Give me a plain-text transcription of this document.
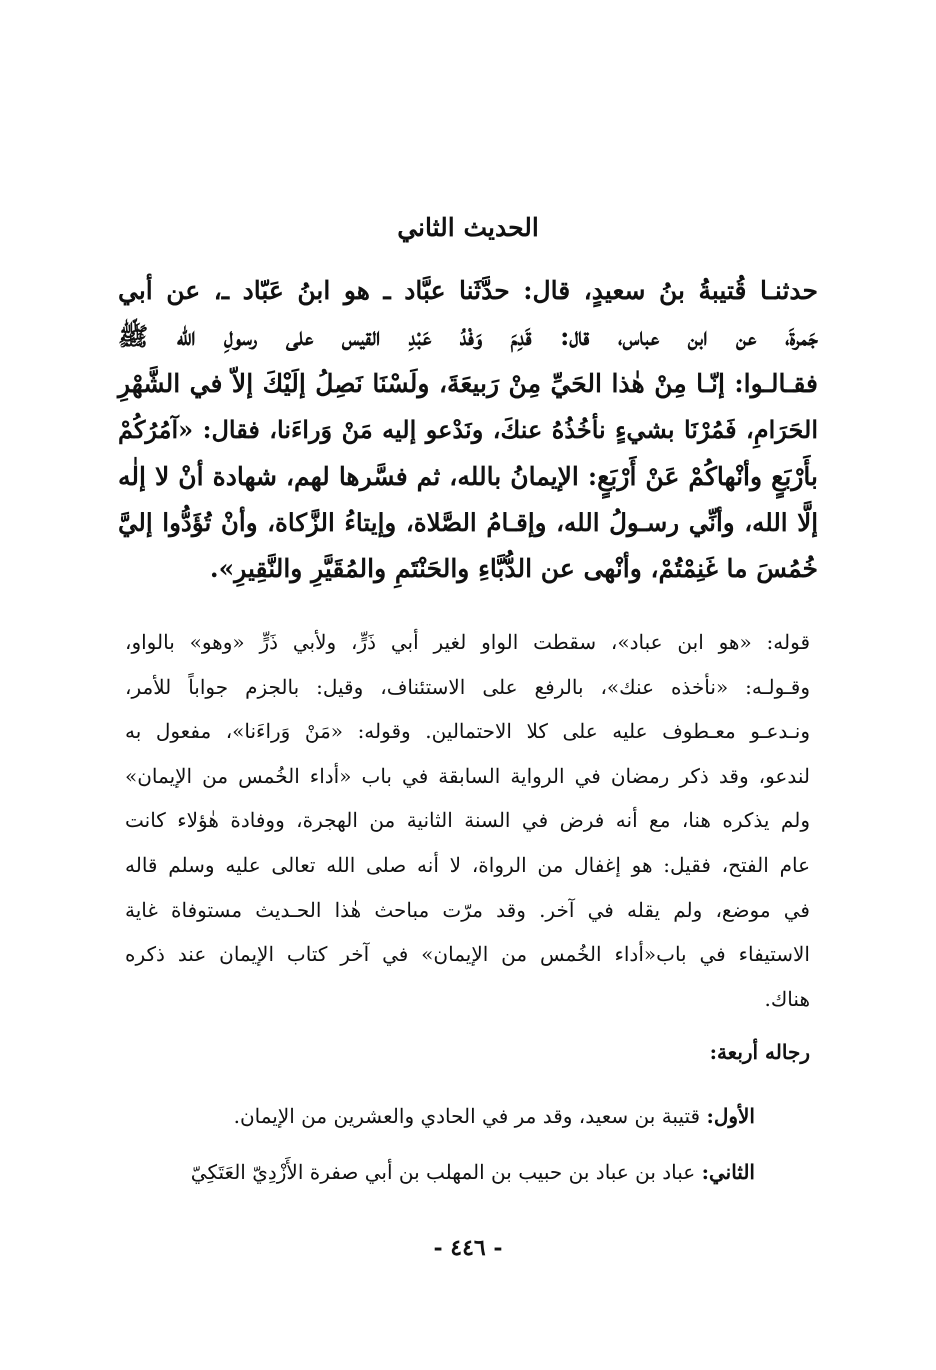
الحديث الثاني
حدثنـا قُتيبةُ بنُ سعيدٍ، قال: حدَّثَنا عبَّاد ـ هو ابنُ عَبّاد ـ، عن أبي
جَمرةَ، عن ابن عباس، قال: قَدِمَ وَفْدُ عَبْدِ القيس على رسولِ الله ﷺ
فقـالـوا: إنّـا مِنْ هٰذا الحَيِّ مِنْ رَبيعَةَ، ولَسْنَا نَصِلُ إلَيْكَ إلاّ في الشَّهْرِ
الحَرَامِ، فَمُرْنَا بشيءٍ نأخُذُهُ عنكَ، ونَدْعو إليه مَنْ وَراءَنا، فقال: «آمُرُكُمْ
بأَرْبَعٍ وأنْهاكُمْ عَنْ أَرْبَعٍ: الإيمانُ بالله، ثم فسَّرها لهم، شهادة أنْ لا إلٰه
إلَّا الله، وأنِّي رسـولُ الله، وإقـامُ الصَّلاة، وإيتاءُ الزَّكاة، وأنْ تُؤَدُّوا إليَّ
خُمُسَ ما غَنِمْتُمْ، وأنْهى عن الدُّبَّاءِ والحَنْتَمِ والمُقَيَّرِ والنَّقِيرِ».
قوله: «هو ابن عباد»، سقطت الواو لغير أبي ذَرٍّ، ولأبي ذَرٍّ «وهو» بالواو،
وقـولـه: «نأخذه عنك»، بالرفع على الاستئناف، وقيل: بالجزم جواباً للأمر،
ونـدعـو معـطوف عليه على كلا الاحتمالين. وقوله: «مَنْ وَراءَنا»، مفعول به
لندعو، وقد ذكر رمضان في الرواية السابقة في باب «أداء الخُمس من الإيمان»
ولم يذكره هنا، مع أنه فرض في السنة الثانية من الهجرة، ووفادة هٰؤلاء كانت
عام الفتح، فقيل: هو إغفال من الرواة، لا أنه صلى الله تعالى عليه وسلم قاله
في موضع، ولم يقله في آخر. وقد مرّت مباحث هٰذا الحـديث مستوفاة غاية
الاستيفاء في باب«أداء الخُمس من الإيمان» في آخر كتاب الإيمان عند ذكره
هناك.
رجاله أربعة:
الأول: قتيبة بن سعيد، وقد مر في الحادي والعشرين من الإيمان.
الثاني: عباد بن عباد بن حبيب بن المهلب بن أبي صفرة الأَزْدِيّ العَتَكِيّ
- ٤٤٦ -
